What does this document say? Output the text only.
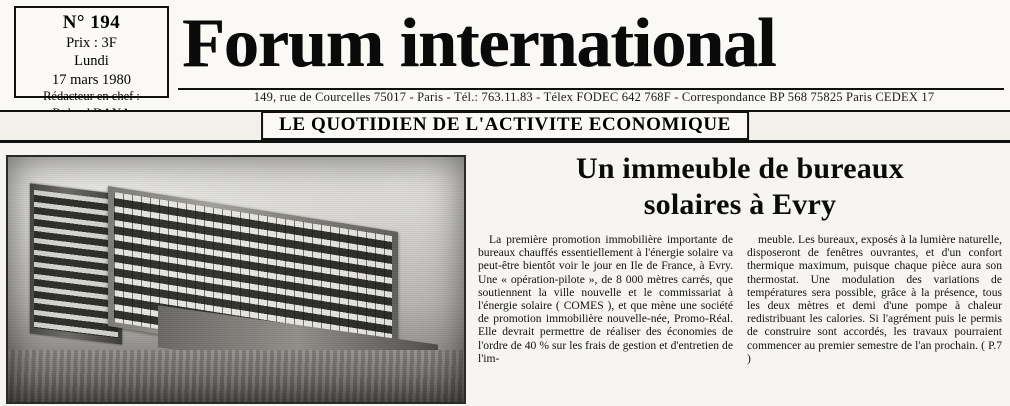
N° 194
Prix : 3F
Lundi
17 mars 1980
Rédacteur en chef :
Forum international
149, rue de Courcelles 75017 - Paris - Tél.: 763.11.83 - Télex FODEC 642 768F - Correspondance BP 568 75825 Paris CEDEX 17
LE QUOTIDIEN DE L'ACTIVITE ECONOMIQUE
Un immeuble de bureaux
solaires à Evry

La première promotion immobilière importante de bureaux chauffés essentiellement à l'énergie solaire va peut-être bientôt voir le jour en Ile de France, à Evry. Une « opération-pilote », de 8 000 mètres carrés, que soutiennent la ville nouvelle et le commissariat à l'énergie solaire ( COMES ), et que mène une société de promotion immobilière nouvelle-née, Promo-Réal. Elle devrait permettre de réaliser des économies de l'ordre de 40 % sur les frais de gestion et d'entretien de l'im-

meuble. Les bureaux, exposés à la lumière naturelle, disposeront de fenêtres ouvrantes, et d'un confort thermique maximum, puisque chaque pièce aura son thermostat. Une modulation des variations de températures sera possible, grâce à la présence, tous les deux mètres et demi d'une pompe à chaleur redistribuant les calories. Si l'agrément puis le permis de construire sont accordés, les travaux pourraient commencer au premier semestre de l'an prochain. ( P.7 )
